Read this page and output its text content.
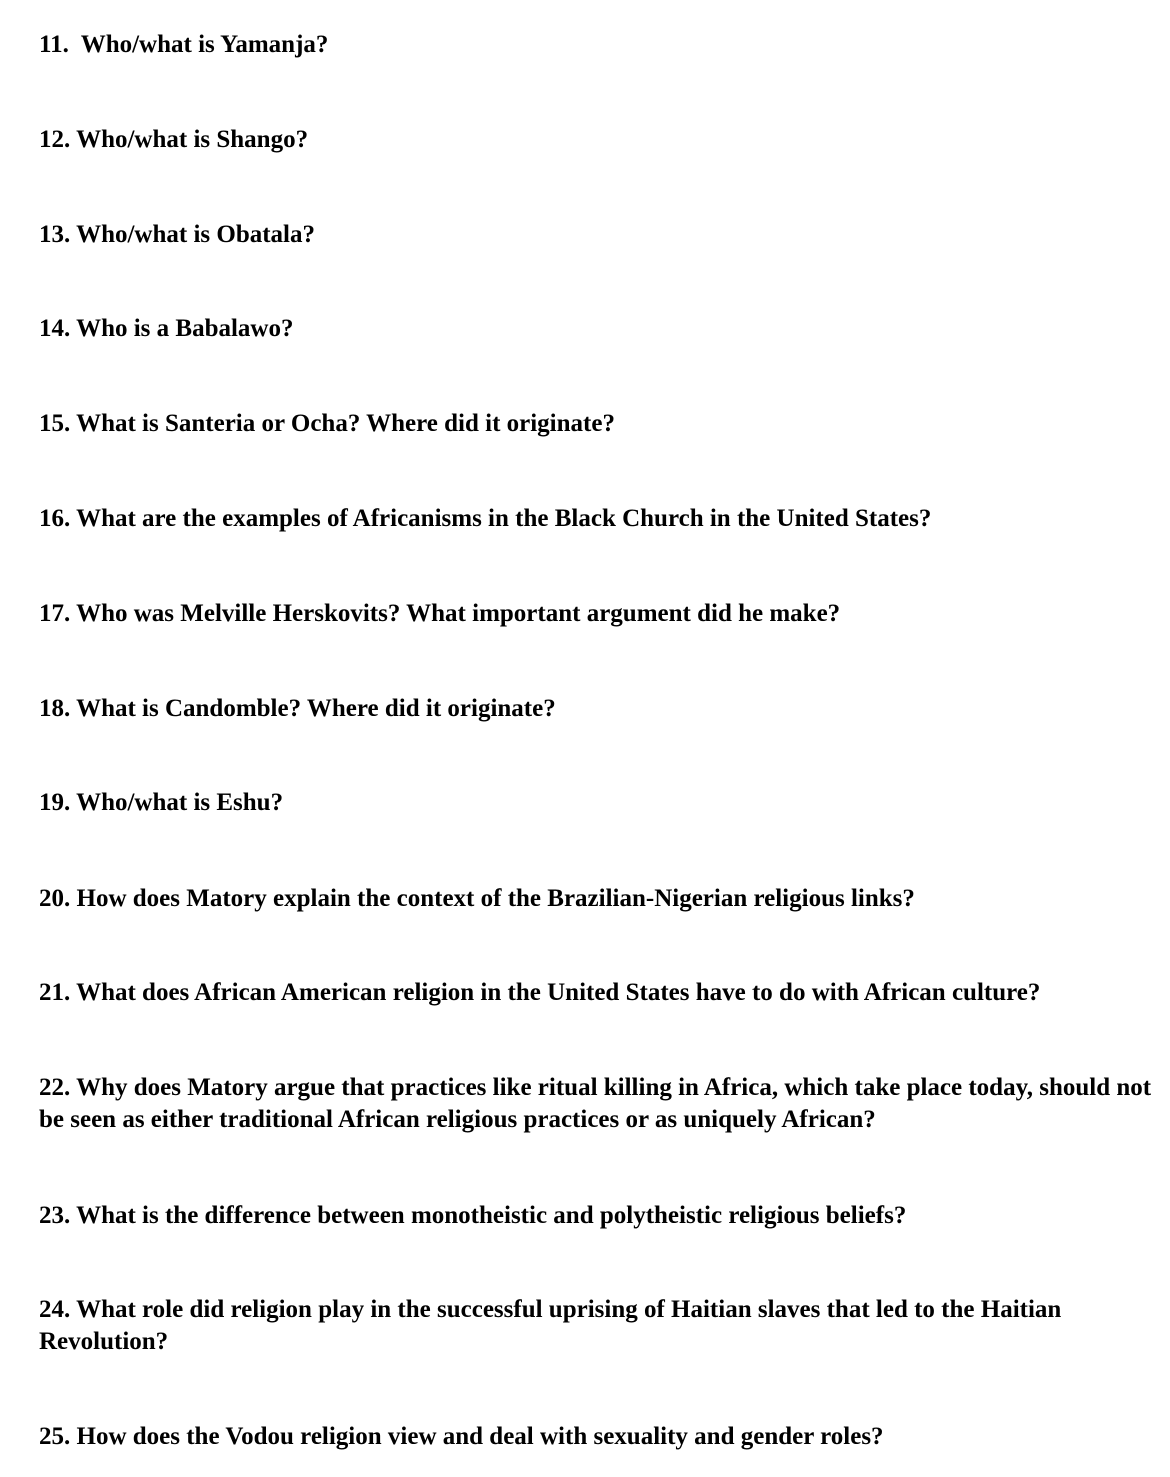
11. Who/what is Yamanja?

12. Who/what is Shango?

13. Who/what is Obatala?

14. Who is a Babalawo?

15. What is Santeria or Ocha? Where did it originate?

16. What are the examples of Africanisms in the Black Church in the United States?

17. Who was Melville Herskovits? What important argument did he make?

18. What is Candomble? Where did it originate?

19. Who/what is Eshu?

20. How does Matory explain the context of the Brazilian-Nigerian religious links?

21. What does African American religion in the United States have to do with African culture?

22. Why does Matory argue that practices like ritual killing in Africa, which take place today, should not be seen as either traditional African religious practices or as uniquely African?

23. What is the difference between monotheistic and polytheistic religious beliefs?

24. What role did religion play in the successful uprising of Haitian slaves that led to the Haitian Revolution?

25. How does the Vodou religion view and deal with sexuality and gender roles?
